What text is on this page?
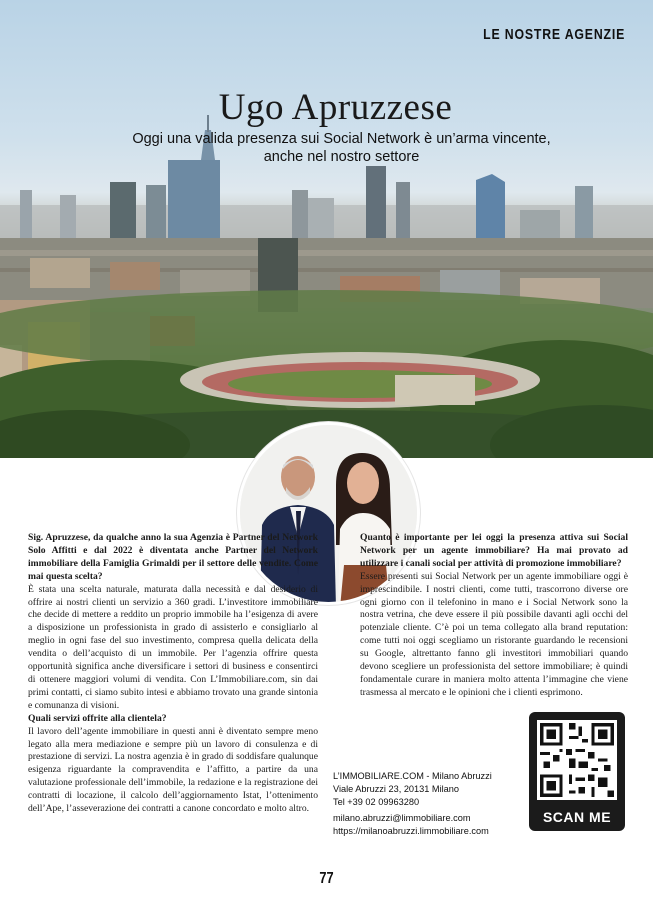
LE NOSTRE AGENZIE
Ugo Apruzzese
Oggi una valida presenza sui Social Network è un’arma vincente,
anche nel nostro settore

Sig. Apruzzese, da qualche anno la sua Agenzia è Partner del Network Solo Affitti e dal 2022 è diventata anche Partner del Network immobiliare della Famiglia Grimaldi per il settore delle vendite. Come mai questa scelta?

È stata una scelta naturale, maturata dalla necessità e dal desiderio di offrire ai nostri clienti un servizio a 360 gradi. L’investitore immobiliare che decide di mettere a reddito un proprio immobile ha l’esigenza di avere a disposizione un professionista in grado di assisterlo e consigliarlo al meglio in ogni fase del suo investimento, compresa quella delicata della vendita o dell’acquisto di un immobile. Per l’agenzia offrire questa opportunità significa anche diversificare i settori di business e consentirci di ottenere maggiori volumi di vendita. Con L’Immobiliare.com, sin dai primi contatti, ci siamo subito intesi e abbiamo trovato una grande sintonia e comunanza di visioni.

Quali servizi offrite alla clientela?

Il lavoro dell’agente immobiliare in questi anni è diventato sempre meno legato alla mera mediazione e sempre più un lavoro di consulenza e di prestazione di servizi. La nostra agenzia è in grado di soddisfare qualunque esigenza riguardante la compravendita e l’affitto, a partire da una valutazione professionale dell’immobile, la redazione e la registrazione dei contratti di locazione, il calcolo dell’aggiornamento Istat, l’ottenimento dell’Ape, l’asseverazione dei contratti a canone concordato e molto altro.

Quanto è importante per lei oggi la presenza attiva sui Social Network per un agente immobiliare? Ha mai provato ad utilizzare i canali social per attività di promozione immobiliare?

Essere presenti sui Social Network per un agente immobiliare oggi è imprescindibile. I nostri clienti, come tutti, trascorrono diverse ore ogni giorno con il telefonino in mano e i Social Network sono la nostra vetrina, che deve essere il più possibile davanti agli occhi del potenziale cliente. C’è poi un tema collegato alla brand reputation: come tutti noi oggi scegliamo un ristorante guardando le recensioni su Google, altrettanto fanno gli investitori immobiliari quando devono scegliere un professionista del settore immobiliare; è quindi fondamentale curare in maniera molto attenta l’immagine che viene trasmessa al mercato e le opinioni che i clienti esprimono.

L’IMMOBILIARE.COM - Milano Abruzzi
Viale Abruzzi 23, 20131 Milano
Tel +39 02 09963280
milano.abruzzi@limmobiliare.com
https://milanoabruzzi.limmobiliare.com
SCAN ME
77
